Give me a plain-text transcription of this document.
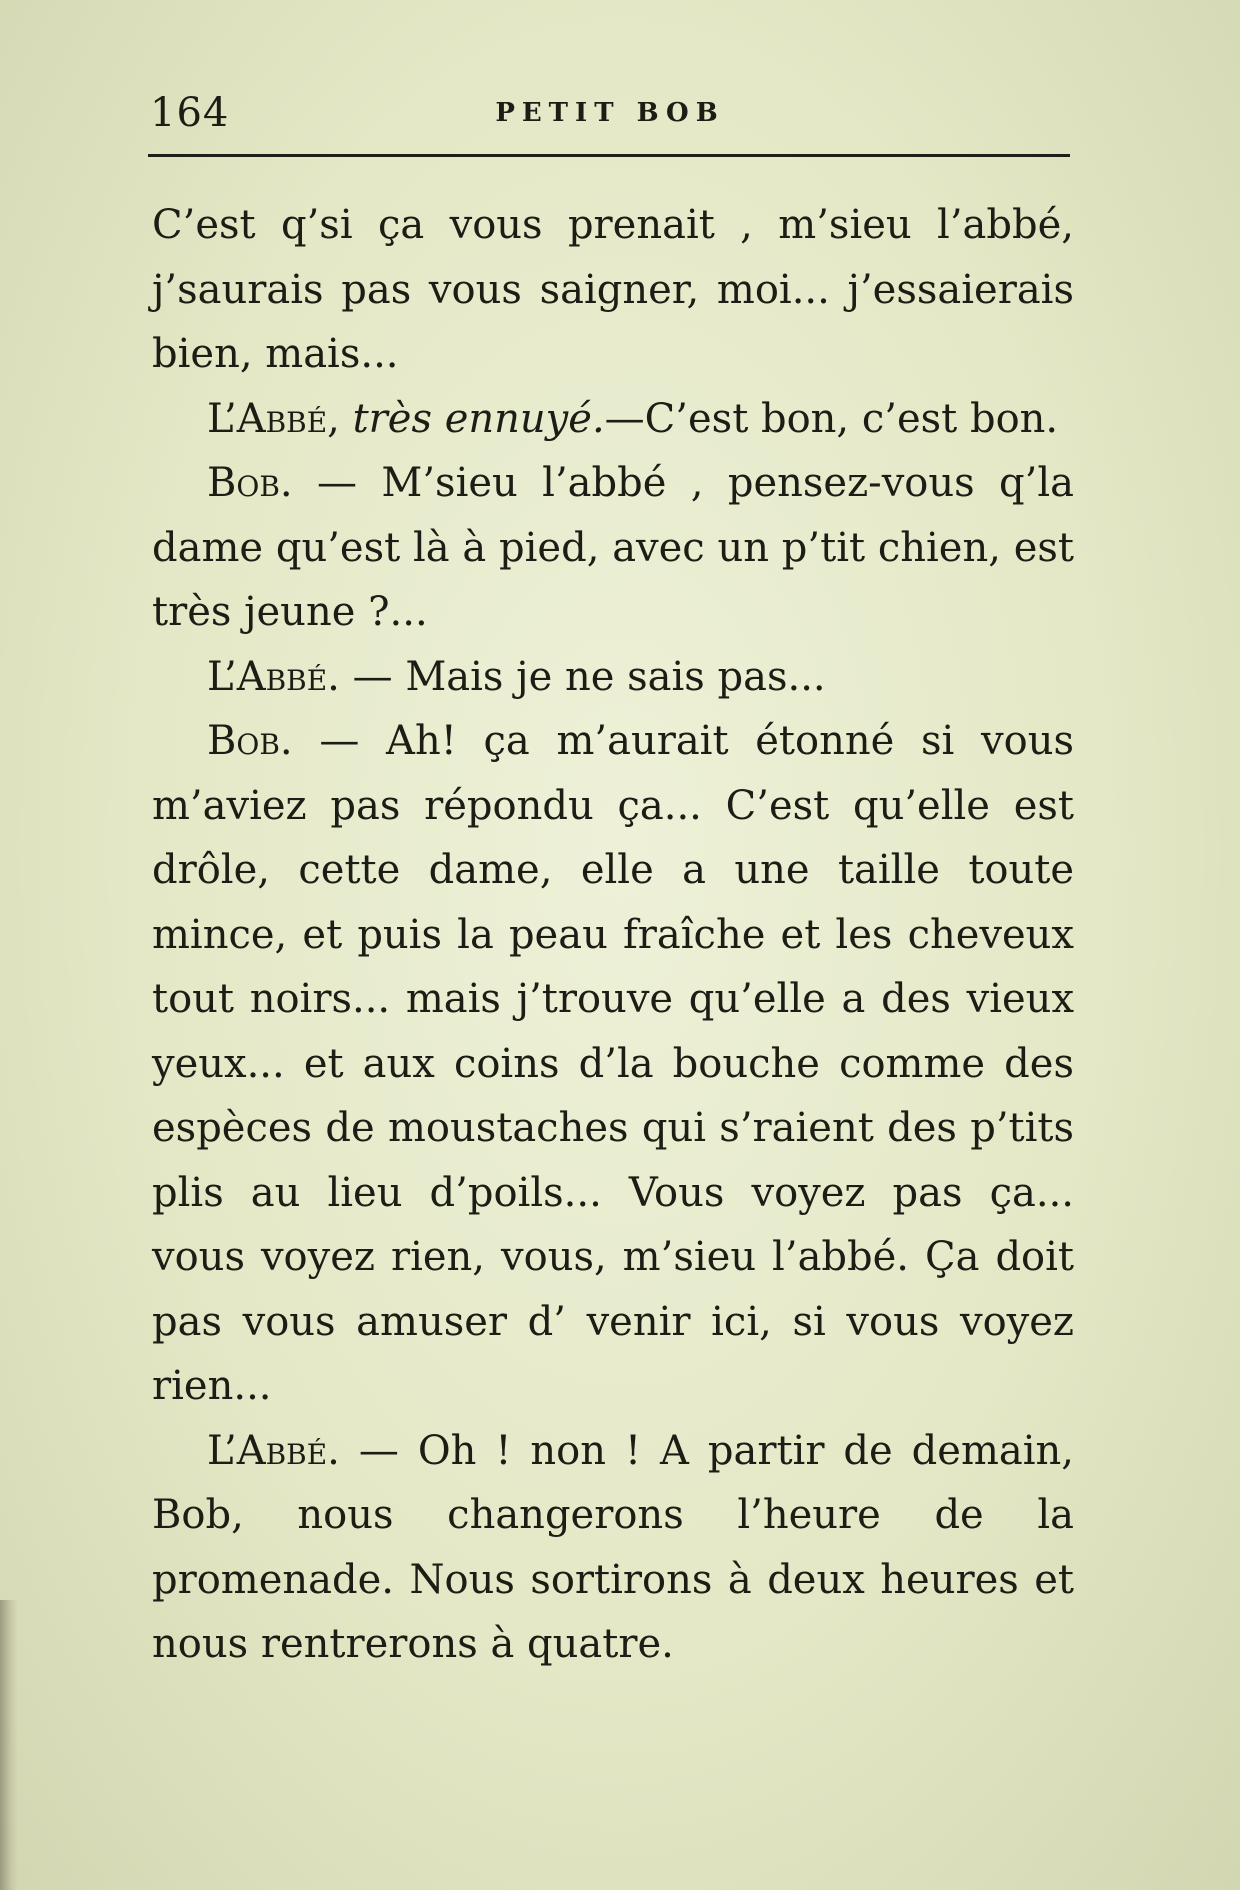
164	PETIT BOB

C’est q’si ça vous prenait , m’sieu l’abbé, j’saurais pas vous saigner, moi... j’essaierais bien, mais...

L’Abbé, très ennuyé.—C’est bon, c’est bon.

Bob. — M’sieu l’abbé , pensez-vous q’la dame qu’est là à pied, avec un p’tit chien, est très jeune ?...

L’Abbé. — Mais je ne sais pas...

Bob. — Ah! ça m’aurait étonné si vous m’aviez pas répondu ça... C’est qu’elle est drôle, cette dame, elle a une taille toute mince, et puis la peau fraîche et les cheveux tout noirs... mais j’trouve qu’elle a des vieux yeux... et aux coins d’la bouche comme des espèces de moustaches qui s’raient des p’tits plis au lieu d’poils... Vous voyez pas ça... vous voyez rien, vous, m’sieu l’abbé. Ça doit pas vous amuser d’ venir ici, si vous voyez rien...

L’Abbé. — Oh ! non ! A partir de demain, Bob, nous changerons l’heure de la promenade. Nous sortirons à deux heures et nous rentrerons à quatre.
